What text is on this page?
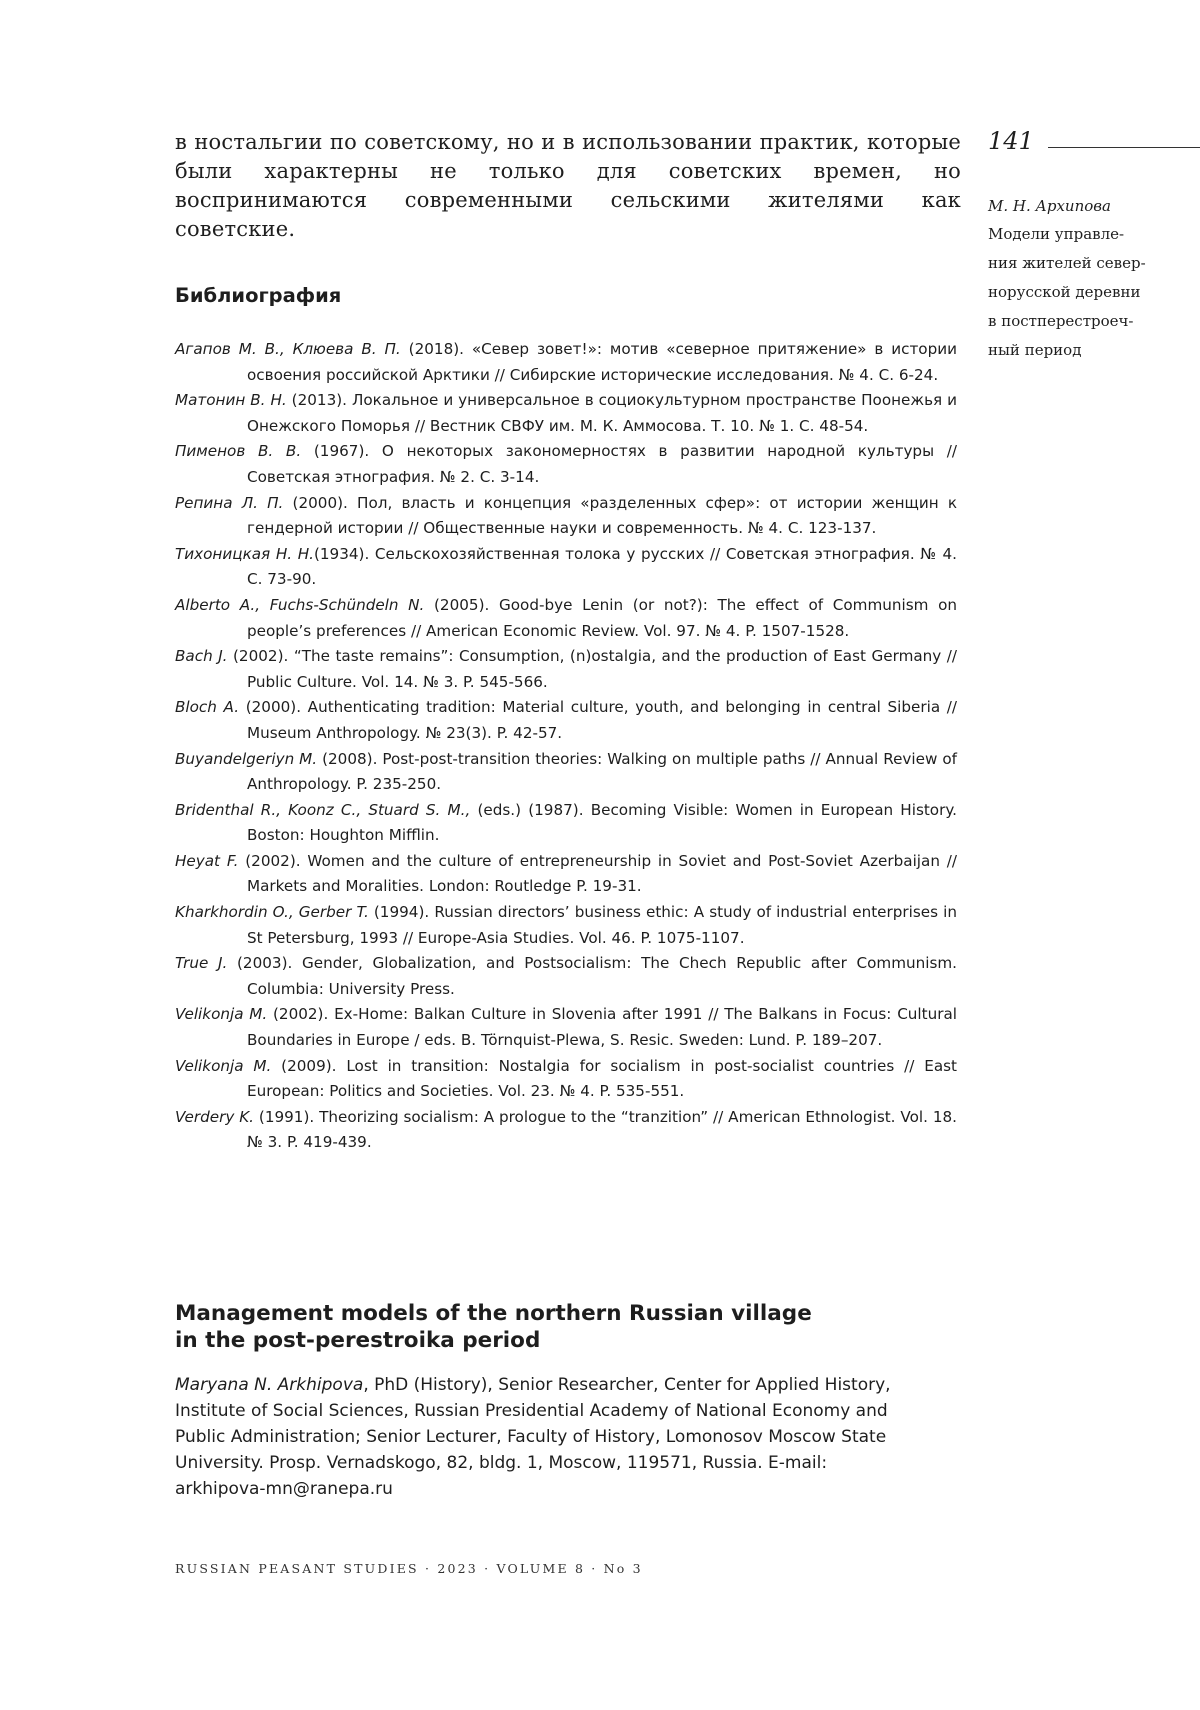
в ностальгии по советскому, но и в использовании практик, которые были характерны не только для советских времен, но воспринимаются современными сельскими жителями как советские.

141
М. Н. Архипова
Модели управле-
ния жителей север-
норусской деревни
в постперестроеч-
ный период
Библиография

Агапов М. В., Клюева В. П. (2018). «Север зовет!»: мотив «северное притяжение» в истории освоения российской Арктики // Сибирские исторические исследования. № 4. С. 6-24.

Матонин В. Н. (2013). Локальное и универсальное в социокультурном пространстве Поонежья и Онежского Поморья // Вестник СВФУ им. М. К. Аммосова. Т. 10. № 1. С. 48-54.

Пименов В. В. (1967). О некоторых закономерностях в развитии народной культуры // Советская этнография. № 2. С. 3-14.

Репина Л. П. (2000). Пол, власть и концепция «разделенных сфер»: от истории женщин к гендерной истории // Общественные науки и современность. № 4. С. 123-137.

Тихоницкая Н. Н.(1934). Сельскохозяйственная толока у русских // Советская этнография. № 4. С. 73-90.

Alberto A., Fuchs-Schündeln N. (2005). Good-bye Lenin (or not?): The effect of Communism on people’s preferences // American Economic Review. Vol. 97. № 4. P. 1507-1528.

Bach J. (2002). “The taste remains”: Consumption, (n)ostalgia, and the production of East Germany // Public Culture. Vol. 14. № 3. P. 545-566.

Bloch A. (2000). Authenticating tradition: Material culture, youth, and belonging in central Siberia // Museum Anthropology. № 23(3). P. 42-57.

Buyandelgeriyn M. (2008). Post-post-transition theories: Walking on multiple paths // Annual Review of Anthropology. P. 235-250.

Bridenthal R., Koonz C., Stuard S. M., (eds.) (1987). Becoming Visible: Women in European History. Boston: Houghton Mifflin.

Heyat F. (2002). Women and the culture of entrepreneurship in Soviet and Post-Soviet Azerbaijan // Markets and Moralities. London: Routledge P. 19-31.

Kharkhordin O., Gerber T. (1994). Russian directors’ business ethic: A study of industrial enterprises in St Petersburg, 1993 // Europe-Asia Studies. Vol. 46. P. 1075-1107.

True J. (2003). Gender, Globalization, and Postsocialism: The Chech Republic after Communism. Columbia: University Press.

Velikonja M. (2002). Ex-Home: Balkan Culture in Slovenia after 1991 // The Balkans in Focus: Cultural Boundaries in Europe / eds. B. Törnquist-Plewa, S. Resic. Sweden: Lund. P. 189–207.

Velikonja M. (2009). Lost in transition: Nostalgia for socialism in post-socialist countries // East European: Politics and Societies. Vol. 23. № 4. P. 535-551.

Verdery K. (1991). Theorizing socialism: A prologue to the “tranzition” // American Ethnologist. Vol. 18. № 3. P. 419-439.

Management models of the northern Russian village
in the post-perestroika period

Maryana N. Arkhipova, PhD (History), Senior Researcher, Center for Applied History, Institute of Social Sciences, Russian Presidential Academy of National Economy and Public Administration; Senior Lecturer, Faculty of History, Lomonosov Moscow State University. Prosp. Vernadskogo, 82, bldg. 1, Moscow, 119571, Russia. E-mail: arkhipova-mn@ranepa.ru

RUSSIAN PEASANT STUDIES · 2023 · VOLUME 8 · No 3
